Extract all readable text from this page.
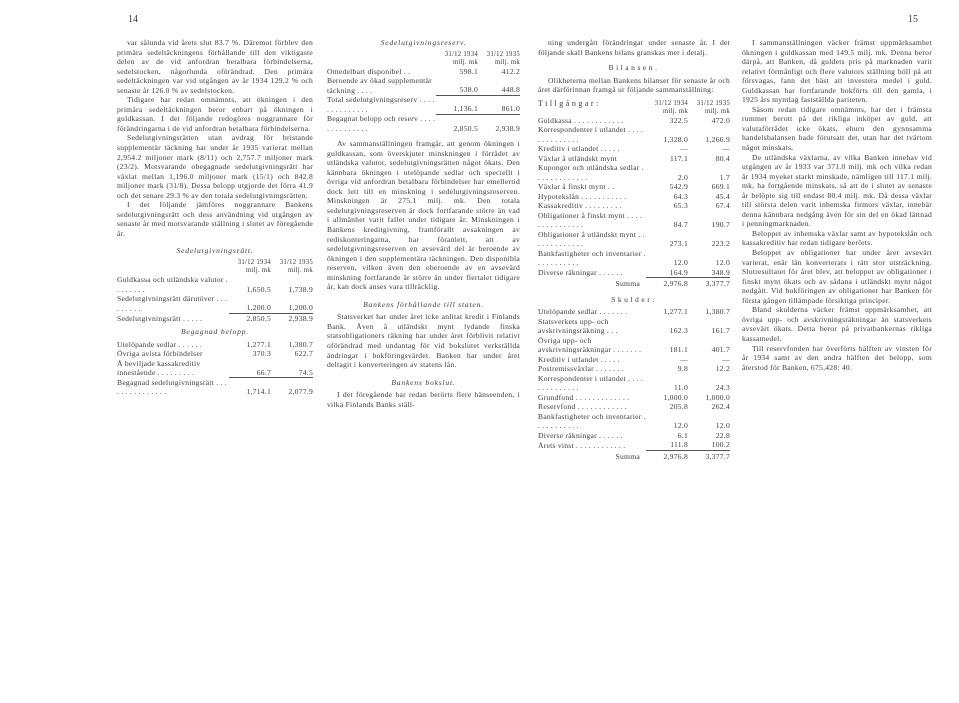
14	15

var sålunda vid årets slut 83.7 %. Däremot förblev den primära sedeltäckningens förhållande till den viktigaste delen av de vid anfordran betalbara förbindelserna, sedelstocken, någorlunda oförändrad. Den primära sedeltäckningen var vid utgången av år 1934 129.2 % och senaste år 126.0 % av sedelstocken.

Tidigare har redan omnämnts, att ökningen i den primära sedeltäckningen beror enbart på ökningen i guldkassan. I det följande redogöres noggrannare för förändringarna i de vid anfordran betalbara förbindelserna.

Sedelutgivningsrätten utan avdrag för bristande supplementär täckning har under år 1935 varierat mellan 2,954.2 miljoner mark (8/11) och 2,757.7 miljoner mark (23/2). Motsvarande obegagnade sedelutgivningsrätt har växlat mellan 1,196.0 miljoner mark (15/1) och 842.8 miljoner mark (31/8). Dessa belopp utgjorde det förra 41.9 och det senare 29.3 % av den totala sedelutgivningsrätten.

I det följande jämföres noggrannare Bankens sedelutgivningsrätt och dess användning vid utgången av senaste år med motsvarande ställning i slutet av föregående år.

Sedelutgivningsrätt.
	31/12 1934	31/12 1935
	milj. mk	milj. mk
Guldkassa och utländska valutor . . . . . . . .	1,650.5	1,738.9
Sedelutgivningsrätt därutöver . . . . . . . . .	1,200.0	1,200.0
Sedelutgivningsrätt . . . . .	2,850.5	2,938.9
Begagnad belopp.
Utelöpande sedlar . . . . . .	1,277.1	1,380.7
Övriga avista förbindelser	370.3	622.7
Å beviljade kassakreditiv innestående . . . . . . . . .	66.7	74.5
Begagnad sedelutgivningsrätt . . . . . . . . . . . . . . .	1,714.1	2,077.9
Sedelutgivningsreserv.
	31/12 1934	31/12 1935
	milj. mk	milj. mk
Omedelbart disponibel . .	598.1	412.2
Beroende av ökad supplementär täckning . . . .	538.0	448.8
Total sedelutgivningsreserv . . . . . . . . . . . . . .	1,136.1	861.0
Begagnat belopp och reserv . . . . . . . . . . . . . .	2,850.5	2,938.9

Av sammanställningen framgår, att genom ökningen i guldkassan, som överskjuter minskningen i förrådet av utländska valutor, sedelutgivningsrätten något ökats. Den kännbara ökningen i utelöpande sedlar och speciellt i övriga vid anfordran betalbara förbindelser har emellertid dock lett till en minskning i sedelutgivningsreserven. Minskningen är 275.1 milj. mk. Den totala sedelutgivningsreserven är dock fortfarande större än vad i allmänhet varit fallet under tidigare år. Minskningen i Bankens kreditgivning, framförallt avsakningen av rediskonteringarna, har föranlett, att av sedelutgivningsreserven en avsevärd del är beroende av ökningen i den supplementära täckningen. Den disponibla reserven, vilken även den oberoende av en avsevärd minskning fortfarande är större än under flertalet tidigare år, kan dock anses vara tillräcklig.

Bankens förhållande till staten.

Statsverket har under året icke anlitat kredit i Finlands Bank. Även å utländskt mynt lydande finska statsobligationers räkning har under året förblivit relativt oförändrad med undantag för vid bokslutet verkställda ändringar i bokföringsvärdet. Banken har under året deltagit i konverteringen av statens lån.

Bankens bokslut.

I det föregående har redan berörts flere hänseenden, i vilka Finlands Banks ställ-

ning undergått förändringar under senaste år. I det följande skall Bankens bilans granskas mer i detalj.

Bilansen.

Olikheterna mellan Bankens bilanser för senaste år och året därförinnan framgå ur följande sammanställning:

Tillgångar:	31/12 1934	31/12 1935
	milj. mk	milj. mk
Guldkassa . . . . . . . . . . . .	322.5	472.0
Korrespondenter i utlandet . . . . . . . . . . . . . .	1,328.0	1,266.9
Kreditiv i utlandet . . . . .	—	—
Växlar å utländskt mynt	117.1	80.4
Kuponger och utländska sedlar . . . . . . . . . . . . .	2.0	1.7
Växlar å finskt mynt . .	542.9	669.1
Hypotekslån . . . . . . . . . . .	64.3	45.4
Kassakreditiv . . . . . . . . .	65.3	67.4
Obligationer å finskt mynt . . . . . . . . . . . . . . .	84.7	190.7
Obligationer å utländskt mynt . . . . . . . . . . . . .	273.1	223.2
Bankfastigheter och inventarier . . . . . . . . . . .	12.0	12.0
Diverse räkningar . . . . . .	164.9	348.9
Summa	2,976.8	3,377.7
Skulder:
Utelöpande sedlar . . . . . . .	1,277.1	1,380.7
Statsverkets upp- och avskrivningsräkning . . .	162.3	161.7
Övriga upp- och avskrivningsräkningar . . . . . . .	181.1	401.7
Kreditiv i utlandet . . . . .	—	—
Postremissväxlar . . . . . . .	9.8	12.2
Korrespondenter i utlandet . . . . . . . . . . . . . .	11.0	24.3
Grundfond . . . . . . . . . . . . .	1,000.0	1,000.0
Reservfond . . . . . . . . . . . .	205.8	262.4
Bankfastigheter och inventarier . . . . . . . . . . .	12.0	12.0
Diverse räkningar . . . . . .	6.1	22.8
Årets vinst . . . . . . . . . . . .	111.8	100.2
Summa	2,976.8	3,377.7

I sammanställningen väcker främst uppmärksamhet ökningen i guldkassan med 149.5 milj. mk. Denna beror därpå, att Banken, då guldets pris på marknaden varit relativt förmånligt och flere valutors ställning höll på att försvagas, fann det bäst att investera medel i guld. Guldkassan har fortfarande bokförts till den gamla, i 1925 års myntlag fastställda pariteten.

Såsom redan tidigare omnämnts, har det i främsta rummet berott på det rikliga inköpet av guld, att valutaförrådet icke ökats, ehuru den gynnsamma handelsbalansen hade förutsatt det, utan har det tvärtom något minskats.

De utländska växlarna, av vilka Banken innehav vid utgången av år 1933 var 371.0 milj. mk och vilka redan år 1934 myeket starkt minskade, nämligen till 117.1 milj. mk, ha fortgående minskats, så att de i slutet av senaste år belöpte sig till endast 80.4 milj. mk. Då dessa växlar till största delen varit inhemska firmors växlar, innebär denna kännbara nedgång även för sin del en ökad lättnad i penningmarknaden.

Beloppet av inhemska växlar samt av hypotekslån och kassakreditiv har redan tidigare berörts.

Beloppet av obligationer har under året avsevärt varierat, enär lån konverterats i rätt stor utsträckning. Slutresultatet för året blev, att beloppet av obligationer i finskt mynt ökats och av sådana i utländskt mynt något nedgått. Vid bokföringen av obligationer har Banken för första gången tillämpade försiktiga principer.

Bland skulderna väcker främst uppmärksamhet, att övriga upp- och avskrivningsräkningar än statsverkets avsevärt ökats. Detta beror på privatbankernas riklíga kassamedel.

Till reservfonden har överförts hälften av vinsten för år 1934 samt av den andra hälften det belopp, som återstod för Banken, 675,428: 40.
